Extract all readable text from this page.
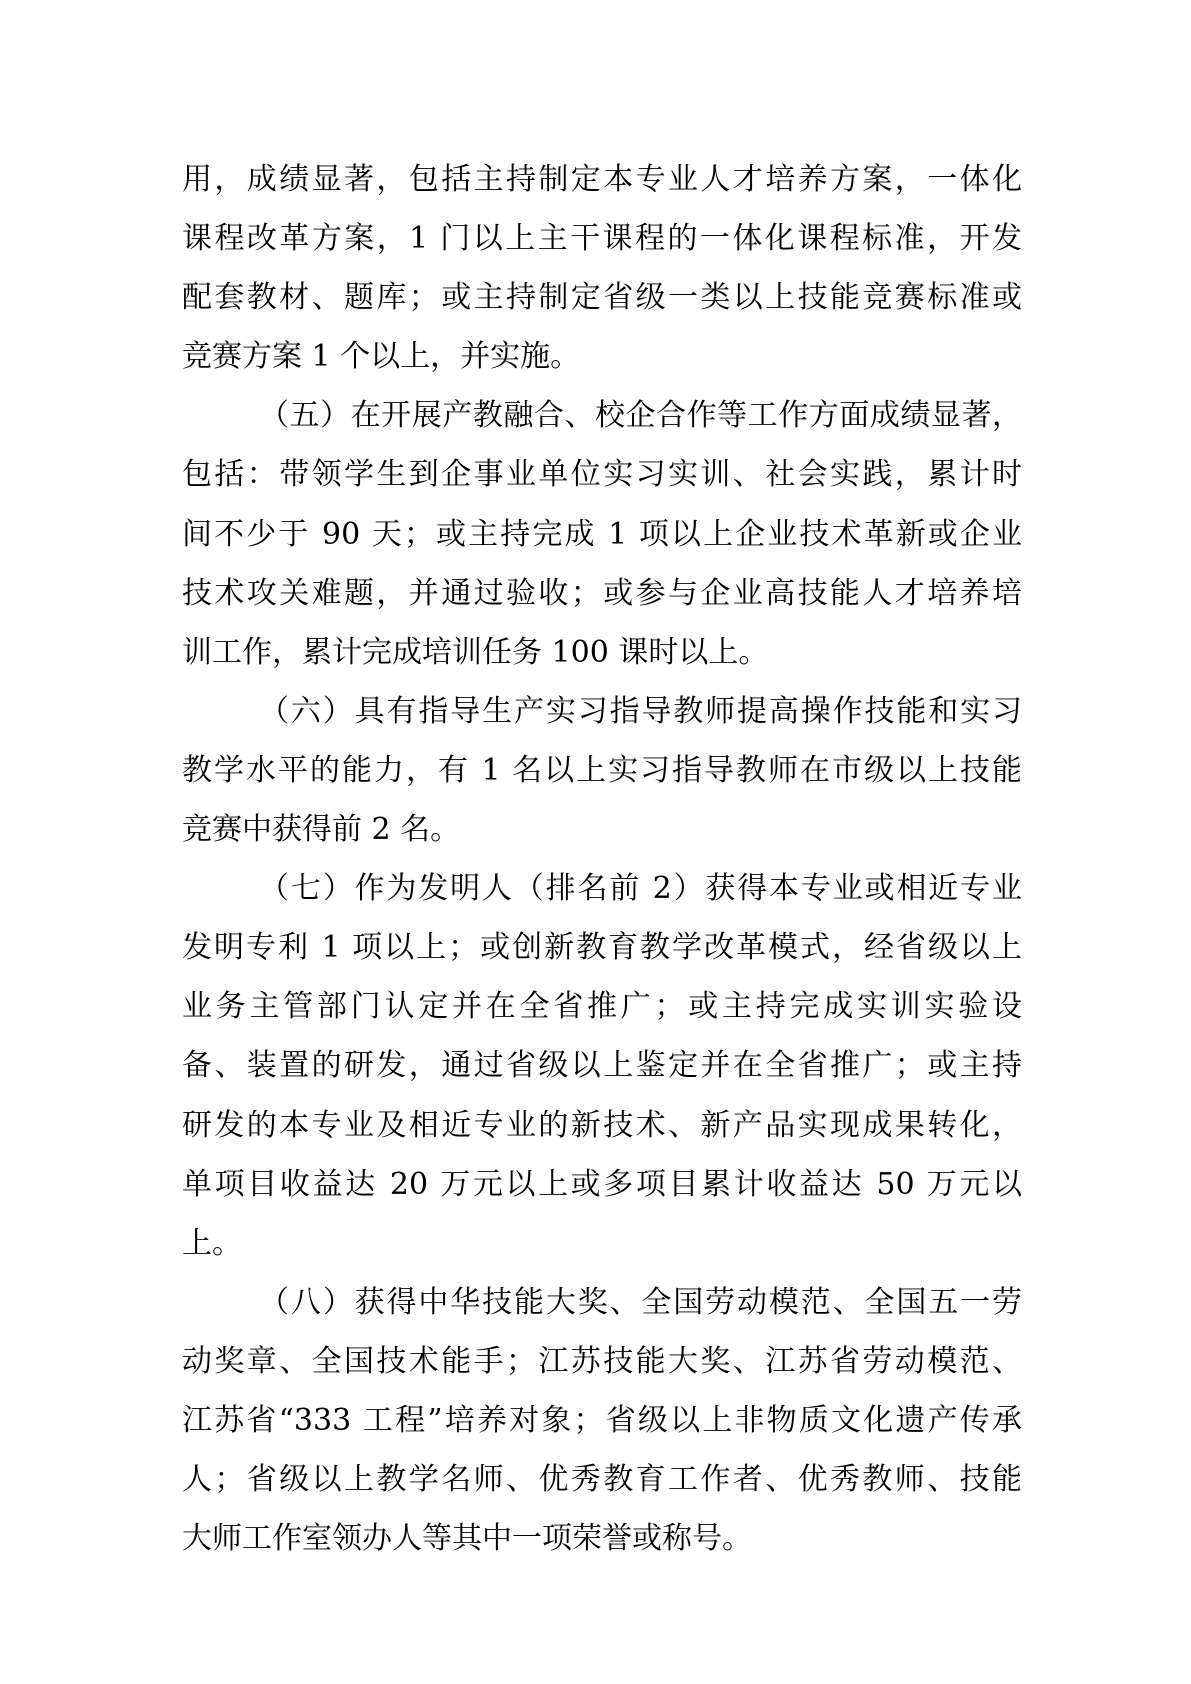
用，成绩显著，包括主持制定本专业人才培养方案，一体化
课程改革方案，1 门以上主干课程的一体化课程标准，开发
配套教材、题库；或主持制定省级一类以上技能竞赛标准或
竞赛方案 1 个以上，并实施。
（五）在开展产教融合、校企合作等工作方面成绩显著，
包括：带领学生到企事业单位实习实训、社会实践，累计时
间不少于 90 天；或主持完成 1 项以上企业技术革新或企业
技术攻关难题，并通过验收；或参与企业高技能人才培养培
训工作，累计完成培训任务 100 课时以上。
（六）具有指导生产实习指导教师提高操作技能和实习
教学水平的能力，有 1 名以上实习指导教师在市级以上技能
竞赛中获得前 2 名。
（七）作为发明人（排名前 2）获得本专业或相近专业
发明专利 1 项以上；或创新教育教学改革模式，经省级以上
业务主管部门认定并在全省推广；或主持完成实训实验设
备、装置的研发，通过省级以上鉴定并在全省推广；或主持
研发的本专业及相近专业的新技术、新产品实现成果转化，
单项目收益达 20 万元以上或多项目累计收益达 50 万元以
上。
（八）获得中华技能大奖、全国劳动模范、全国五一劳
动奖章、全国技术能手；江苏技能大奖、江苏省劳动模范、
江苏省“333 工程”培养对象；省级以上非物质文化遗产传承
人；省级以上教学名师、优秀教育工作者、优秀教师、技能
大师工作室领办人等其中一项荣誉或称号。
